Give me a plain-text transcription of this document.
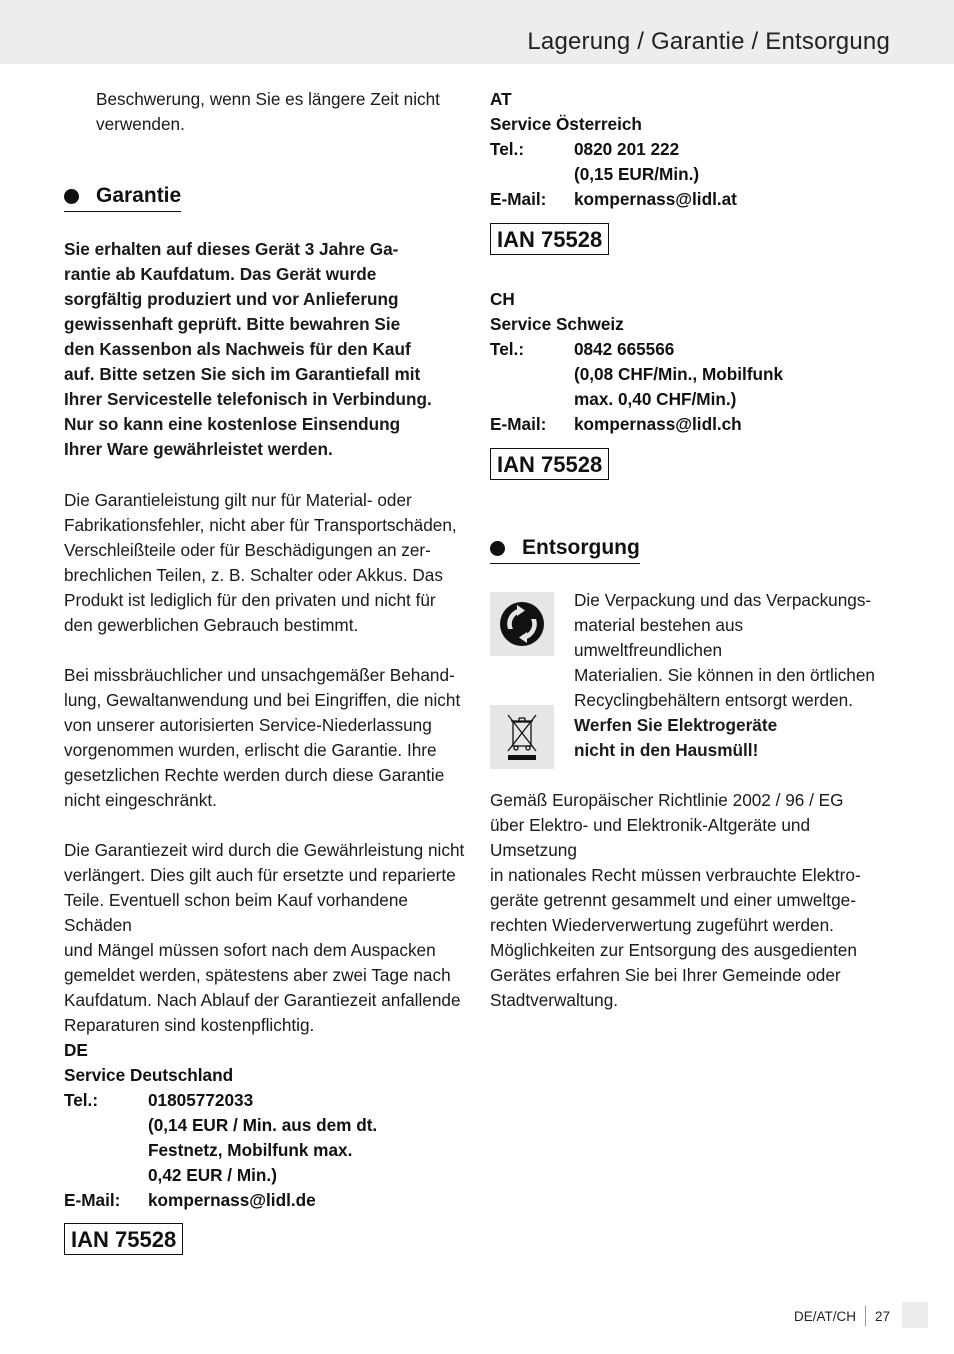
Lagerung / Garantie / Entsorgung
Beschwerung, wenn Sie es längere Zeit nicht
verwenden.
Garantie
Sie erhalten auf dieses Gerät 3 Jahre Ga-
rantie ab Kaufdatum. Das Gerät wurde
sorgfältig produziert und vor Anlieferung
gewissenhaft geprüft. Bitte bewahren Sie
den Kassenbon als Nachweis für den Kauf
auf. Bitte setzen Sie sich im Garantiefall mit
Ihrer Servicestelle telefonisch in Verbindung.
Nur so kann eine kostenlose Einsendung
Ihrer Ware gewährleistet werden.
Die Garantieleistung gilt nur für Material- oder
Fabrikationsfehler, nicht aber für Transportschäden,
Verschleißteile oder für Beschädigungen an zer-
brechlichen Teilen, z. B. Schalter oder Akkus. Das
Produkt ist lediglich für den privaten und nicht für
den gewerblichen Gebrauch bestimmt.
Bei missbräuchlicher und unsachgemäßer Behand-
lung, Gewaltanwendung und bei Eingriffen, die nicht
von unserer autorisierten Service-Niederlassung
vorgenommen wurden, erlischt die Garantie. Ihre
gesetzlichen Rechte werden durch diese Garantie
nicht eingeschränkt.
Die Garantiezeit wird durch die Gewährleistung nicht
verlängert. Dies gilt auch für ersetzte und reparierte
Teile. Eventuell schon beim Kauf vorhandene Schäden
und Mängel müssen sofort nach dem Auspacken
gemeldet werden, spätestens aber zwei Tage nach
Kaufdatum. Nach Ablauf der Garantiezeit anfallende
Reparaturen sind kostenpflichtig.
DE
Service Deutschland
Tel.:	01805772033
(0,14 EUR / Min. aus dem dt.
Festnetz, Mobilfunk max.
0,42 EUR / Min.)
E-Mail: kompernass@lidl.de
IAN 75528
AT
Service Österreich
Tel.:	0820 201 222
(0,15 EUR/Min.)
E-Mail: kompernass@lidl.at
IAN 75528
CH
Service Schweiz
Tel.:	0842 665566
(0,08 CHF/Min., Mobilfunk
max. 0,40 CHF/Min.)
E-Mail: kompernass@lidl.ch
IAN 75528
Entsorgung
Die Verpackung und das Verpackungs-
material bestehen aus umweltfreundlichen
Materialien. Sie können in den örtlichen
Recyclingbehältern entsorgt werden.
Werfen Sie Elektrogeräte
nicht in den Hausmüll!
Gemäß Europäischer Richtlinie 2002 / 96 / EG
über Elektro- und Elektronik-Altgeräte und Umsetzung
in nationales Recht müssen verbrauchte Elektro-
geräte getrennt gesammelt und einer umweltge-
rechten Wiederverwertung zugeführt werden.
Möglichkeiten zur Entsorgung des ausgedienten
Gerätes erfahren Sie bei Ihrer Gemeinde oder
Stadtverwaltung.
DE/AT/CH 27
